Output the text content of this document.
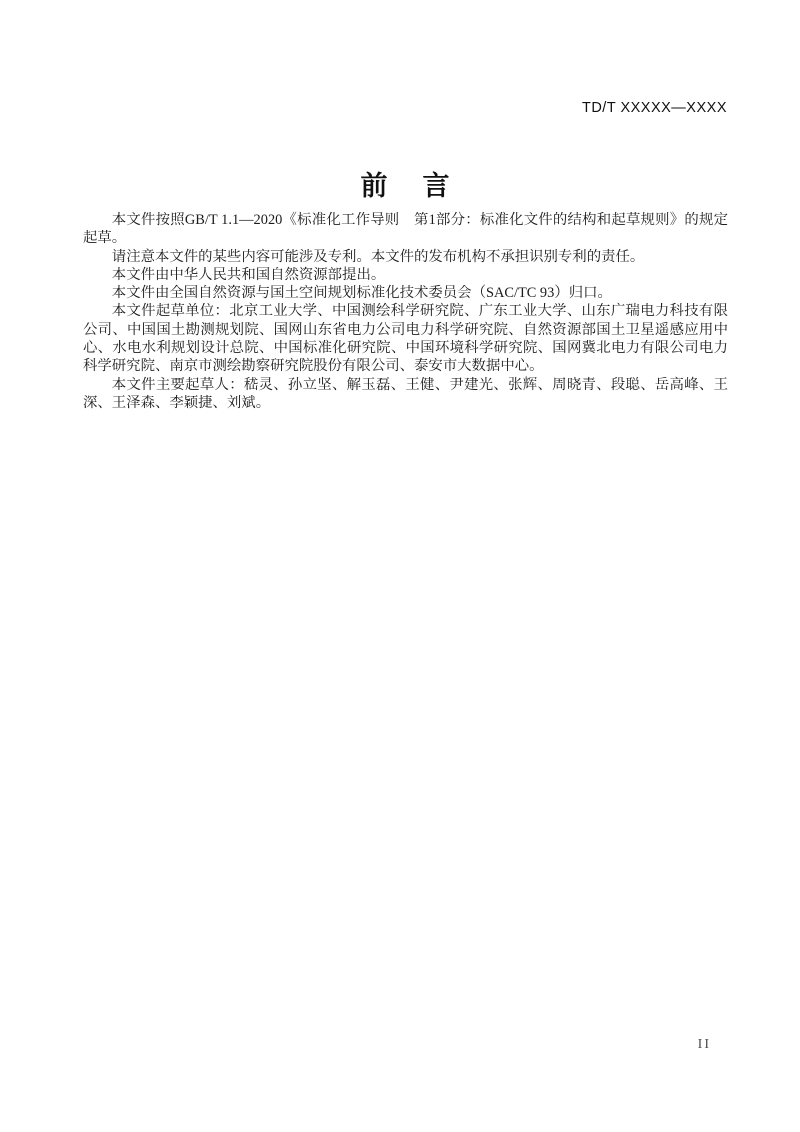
TD/T XXXXX—XXXX
前言

本文件按照GB/T 1.1—2020《标准化工作导则　第1部分：标准化文件的结构和起草规则》的规定起草。

请注意本文件的某些内容可能涉及专利。本文件的发布机构不承担识别专利的责任。

本文件由中华人民共和国自然资源部提出。

本文件由全国自然资源与国土空间规划标准化技术委员会（SAC/TC 93）归口。

本文件起草单位：北京工业大学、中国测绘科学研究院、广东工业大学、山东广瑞电力科技有限公司、中国国土勘测规划院、国网山东省电力公司电力科学研究院、自然资源部国土卫星遥感应用中心、水电水利规划设计总院、中国标准化研究院、中国环境科学研究院、国网冀北电力有限公司电力科学研究院、南京市测绘勘察研究院股份有限公司、泰安市大数据中心。

本文件主要起草人：嵇灵、孙立坚、解玉磊、王健、尹建光、张辉、周晓青、段聪、岳高峰、王深、王泽森、李颖捷、刘斌。

II
